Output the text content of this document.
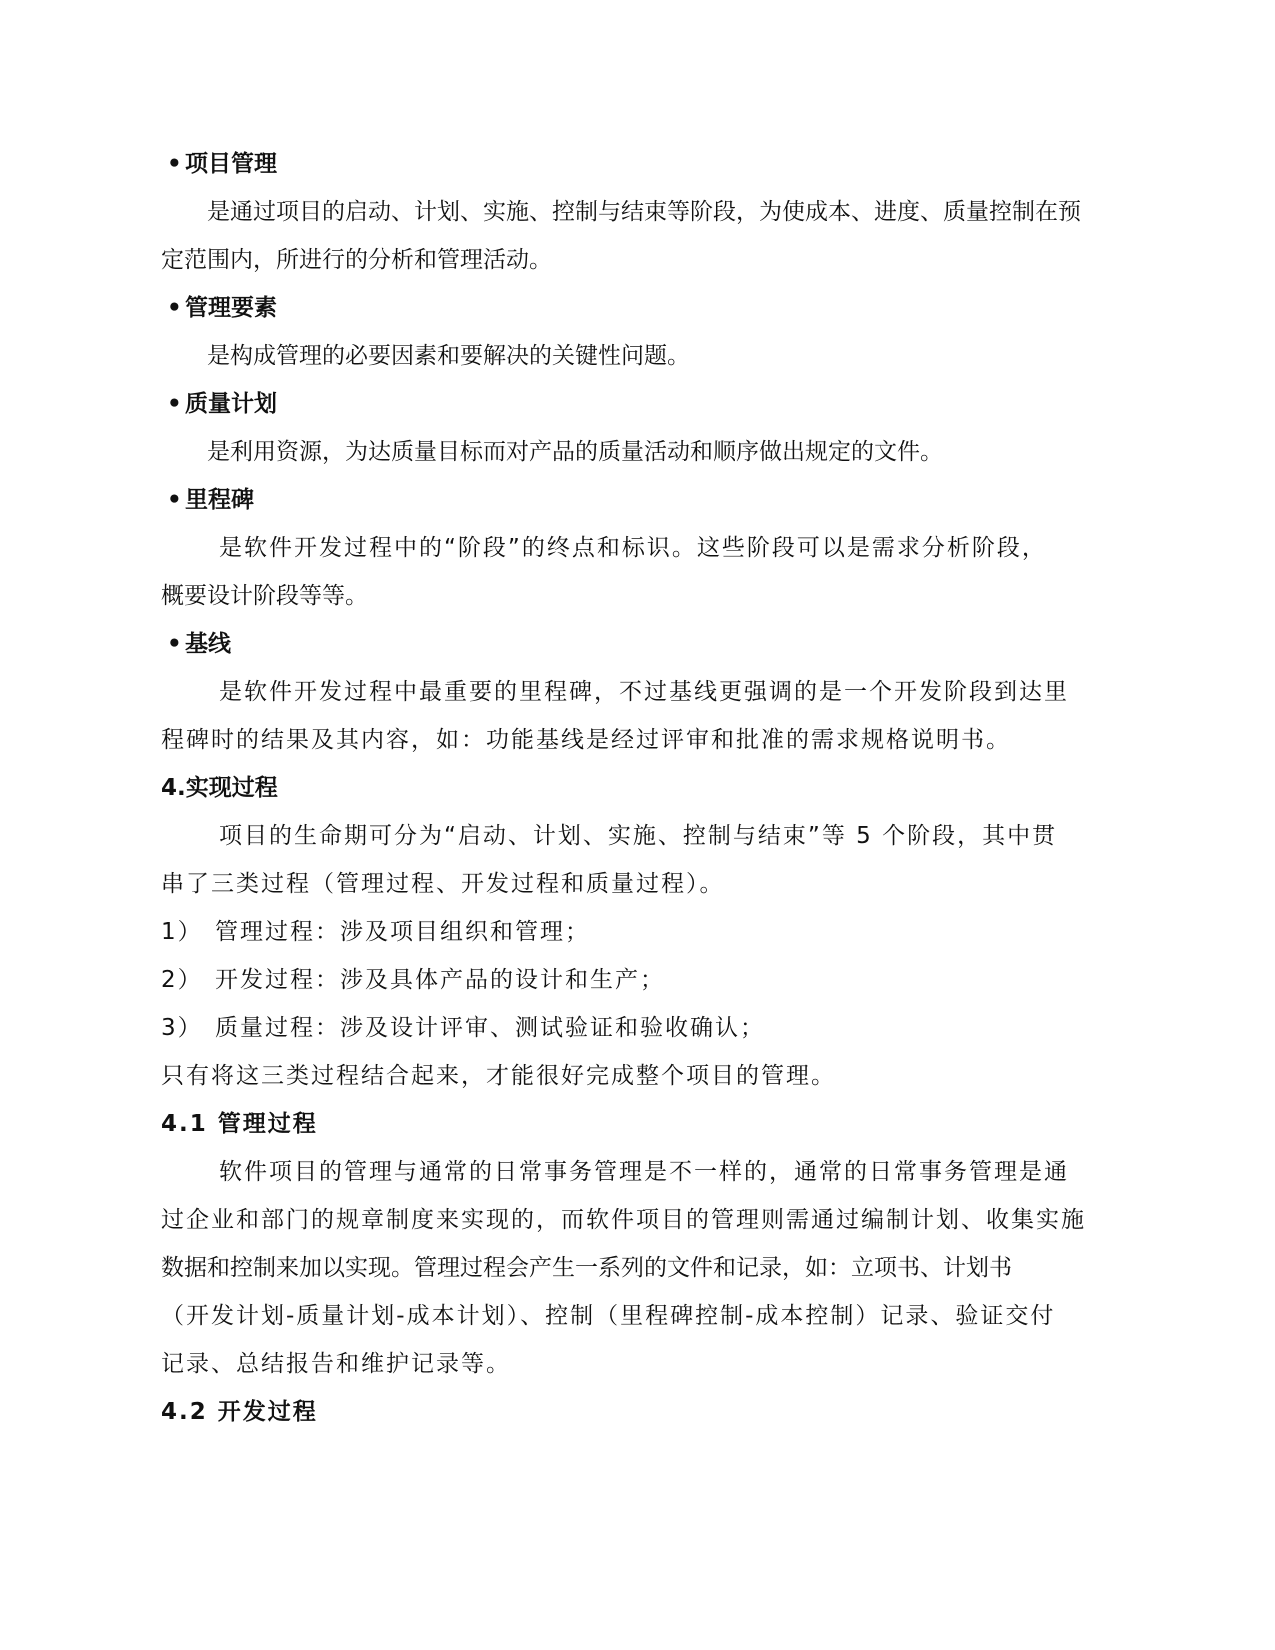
• 项目管理
是通过项目的启动、计划、实施、控制与结束等阶段，为使成本、进度、质量控制在预
定范围内，所进行的分析和管理活动。
• 管理要素
是构成管理的必要因素和要解决的关键性问题。
• 质量计划
是利用资源，为达质量目标而对产品的质量活动和顺序做出规定的文件。
• 里程碑
是软件开发过程中的“阶段”的终点和标识。这些阶段可以是需求分析阶段，
概要设计阶段等等。
• 基线
是软件开发过程中最重要的里程碑，不过基线更强调的是一个开发阶段到达里
程碑时的结果及其内容，如：功能基线是经过评审和批准的需求规格说明书。
4.实现过程
项目的生命期可分为“启动、计划、实施、控制与结束”等 5 个阶段，其中贯
串了三类过程（管理过程、开发过程和质量过程）。
1） 管理过程：涉及项目组织和管理；
2） 开发过程：涉及具体产品的设计和生产；
3） 质量过程：涉及设计评审、测试验证和验收确认；
只有将这三类过程结合起来，才能很好完成整个项目的管理。
4.1 管理过程
软件项目的管理与通常的日常事务管理是不一样的，通常的日常事务管理是通
过企业和部门的规章制度来实现的，而软件项目的管理则需通过编制计划、收集实施
数据和控制来加以实现。管理过程会产生一系列的文件和记录，如：立项书、计划书
（开发计划-质量计划-成本计划）、控制（里程碑控制-成本控制）记录、验证交付
记录、总结报告和维护记录等。
4.2 开发过程
